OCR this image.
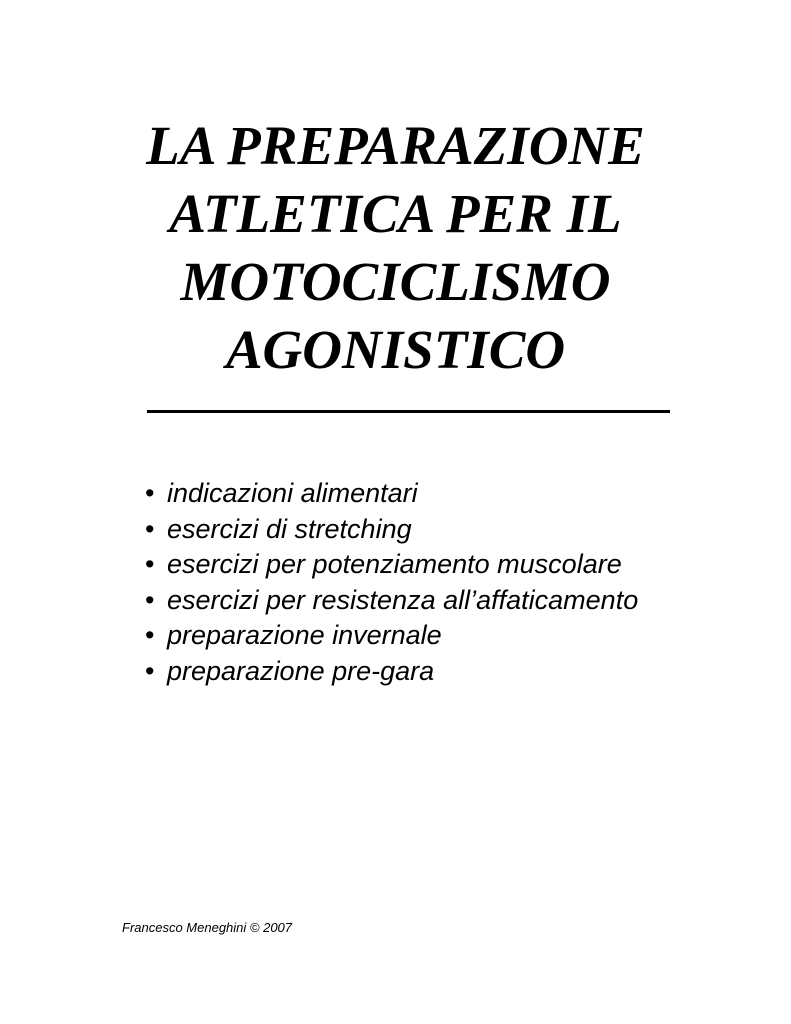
LA PREPARAZIONE
ATLETICA PER IL
MOTOCICLISMO
AGONISTICO
• indicazioni alimentari
• esercizi di stretching
• esercizi per potenziamento muscolare
• esercizi per resistenza all’affaticamento
• preparazione invernale
• preparazione pre-gara

Francesco Meneghini © 2007
